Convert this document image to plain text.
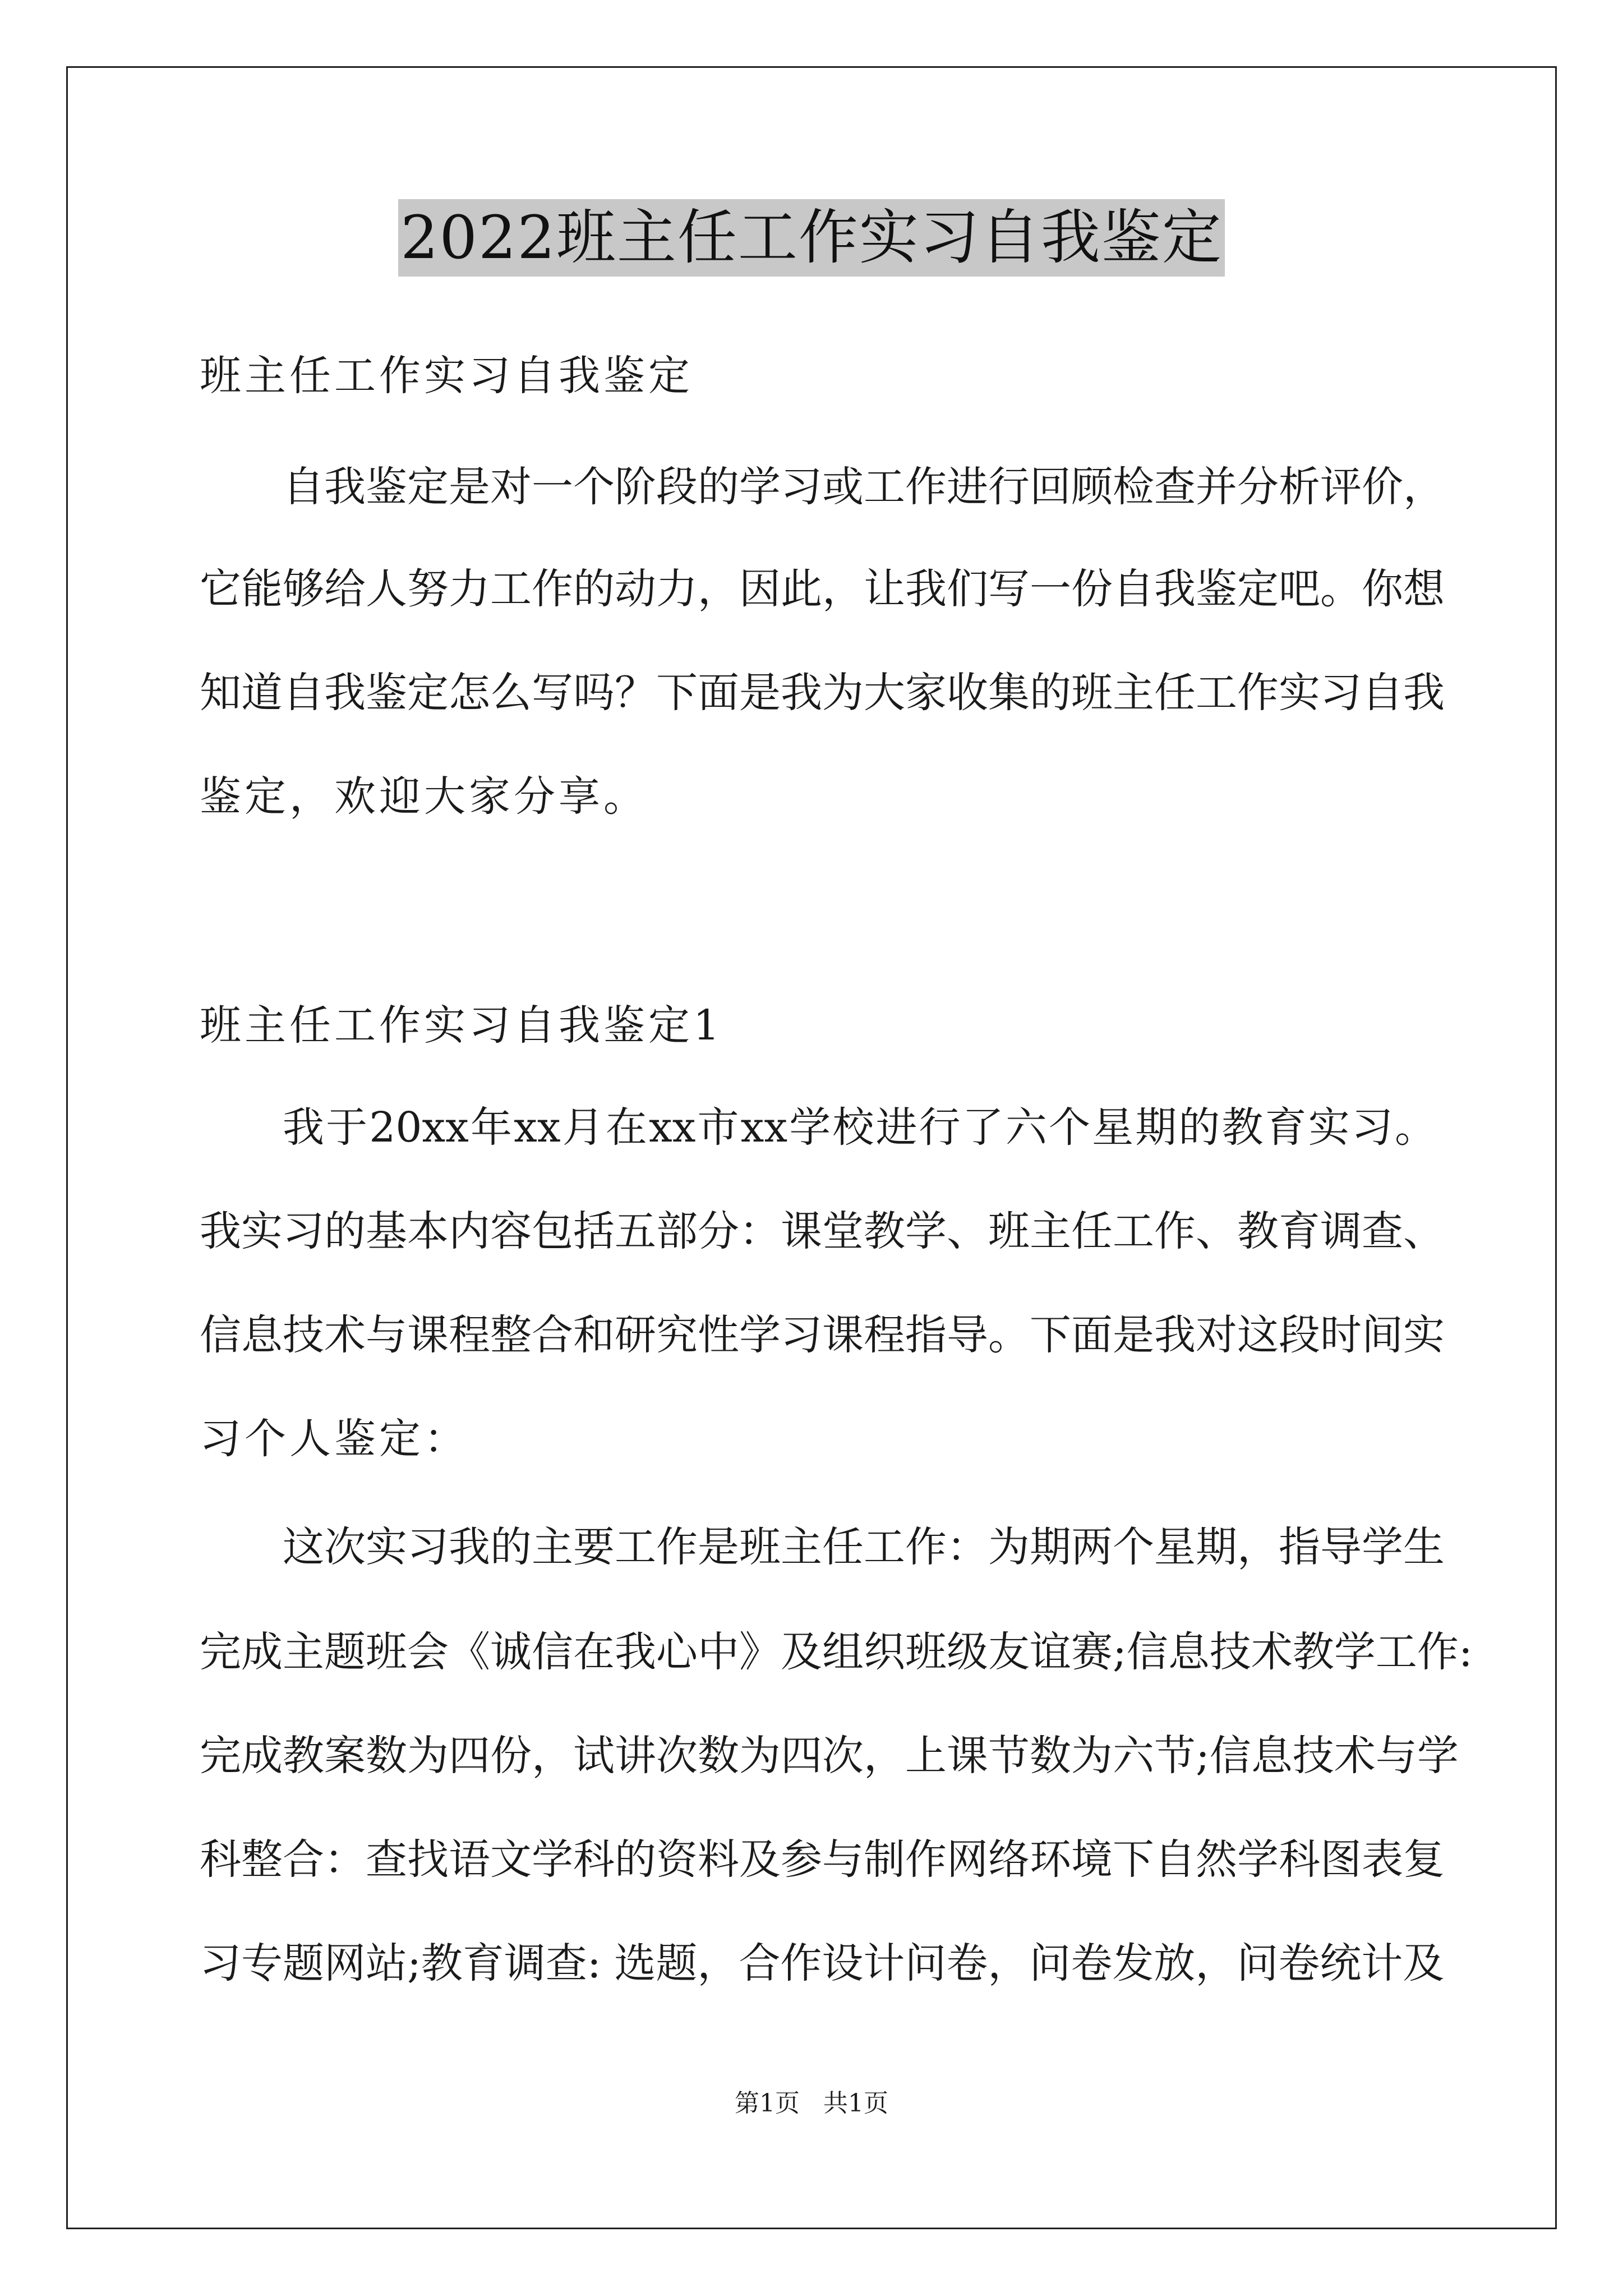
2022班主任工作实习自我鉴定
班主任工作实习自我鉴定
自我鉴定是对一个阶段的学习或工作进行回顾检查并分析评价，
它能够给人努力工作的动力，因此，让我们写一份自我鉴定吧。你想
知道自我鉴定怎么写吗？下面是我为大家收集的班主任工作实习自我
鉴定，欢迎大家分享。
班主任工作实习自我鉴定1
我于20xx年xx月在xx市xx学校进行了六个星期的教育实习。
我实习的基本内容包括五部分：课堂教学、班主任工作、教育调查、
信息技术与课程整合和研究性学习课程指导。下面是我对这段时间实
习个人鉴定：
这次实习我的主要工作是班主任工作：为期两个星期，指导学生
完成主题班会《诚信在我心中》及组织班级友谊赛;信息技术教学工作:
完成教案数为四份，试讲次数为四次，上课节数为六节;信息技术与学
科整合：查找语文学科的资料及参与制作网络环境下自然学科图表复
习专题网站;教育调查: 选题，合作设计问卷，问卷发放，问卷统计及
第1页   共1页
